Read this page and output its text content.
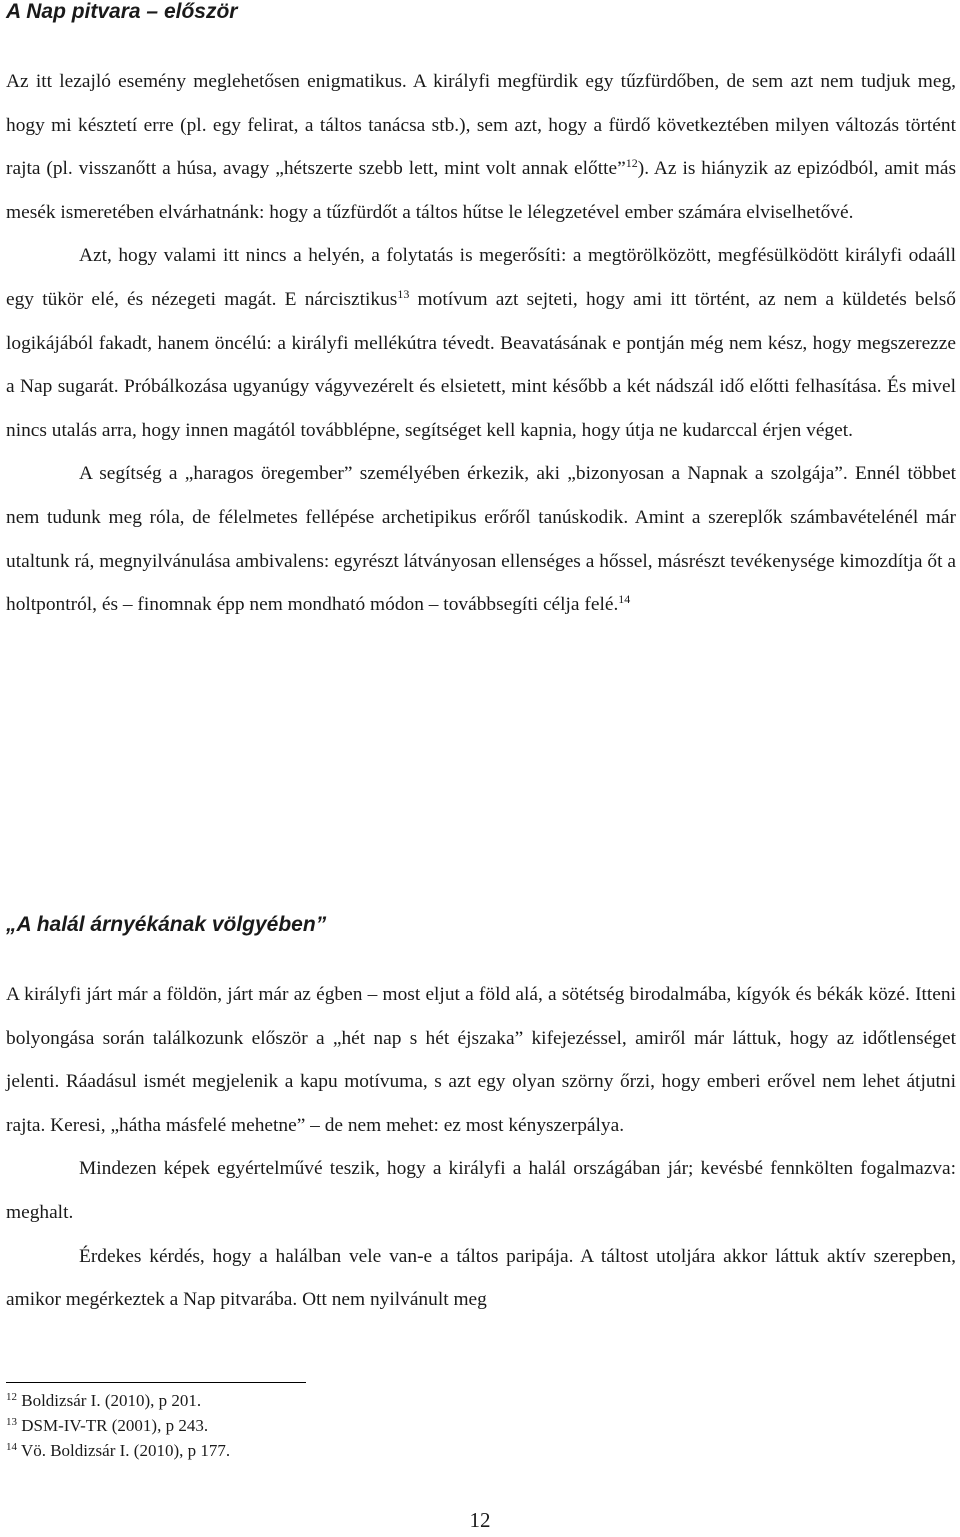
A Nap pitvara – először

Az itt lezajló esemény meglehetősen enigmatikus. A királyfi megfürdik egy tűzfürdőben, de sem azt nem tudjuk meg, hogy mi késztetí erre (pl. egy felirat, a táltos tanácsa stb.), sem azt, hogy a fürdő következtében milyen változás történt rajta (pl. visszanőtt a húsa, avagy „hétszerte szebb lett, mint volt annak előtte”$^{12}$). Az is hiányzik az epizódból, amit más mesék ismeretében elvárhatnánk: hogy a tűzfürdőt a táltos hűtse le lélegzetével ember számára elviselhetővé.

Azt, hogy valami itt nincs a helyén, a folytatás is megerősíti: a megtörölközött, megfésülködött királyfi odaáll egy tükör elé, és nézegeti magát. E nárcisztikus$^{13}$ motívum azt sejteti, hogy ami itt történt, az nem a küldetés belső logikájából fakadt, hanem öncélú: a királyfi mellékútra tévedt. Beavatásának e pontján még nem kész, hogy megszerezze a Nap sugarát. Próbálkozása ugyanúgy vágyvezérelt és elsietett, mint később a két nádszál idő előtti felhasítása. És mivel nincs utalás arra, hogy innen magától továbblépne, segítséget kell kapnia, hogy útja ne kudarccal érjen véget.

A segítség a „haragos öregember” személyében érkezik, aki „bizonyosan a Napnak a szolgája”. Ennél többet nem tudunk meg róla, de félelmetes fellépése archetipikus erőről tanúskodik. Amint a szereplők számbavételénél már utaltunk rá, megnyilvánulása ambivalens: egyrészt látványosan ellenséges a hőssel, másrészt tevékenysége kimozdítja őt a holtpontról, és – finomnak épp nem mondható módon – továbbsegíti célja felé.$^{14}$

„A halál árnyékának völgyében”

A királyfi járt már a földön, járt már az égben – most eljut a föld alá, a sötétség birodalmába, kígyók és békák közé. Itteni bolyongása során találkozunk először a „hét nap s hét éjszaka” kifejezéssel, amiről már láttuk, hogy az időtlenséget jelenti. Ráadásul ismét megjelenik a kapu motívuma, s azt egy olyan szörny őrzi, hogy emberi erővel nem lehet átjutni rajta. Keresi, „hátha másfelé mehetne” – de nem mehet: ez most kényszerpálya.

Mindezen képek egyértelművé teszik, hogy a királyfi a halál országában jár; kevésbé fennkölten fogalmazva: meghalt.

Érdekes kérdés, hogy a halálban vele van-e a táltos paripája. A táltost utoljára akkor láttuk aktív szerepben, amikor megérkeztek a Nap pitvarába. Ott nem nyilvánult meg

$^{12}$ Boldizsár I. (2010), p 201.
$^{13}$ DSM-IV-TR (2001), p 243.
$^{14}$ Vö. Boldizsár I. (2010), p 177.
12
